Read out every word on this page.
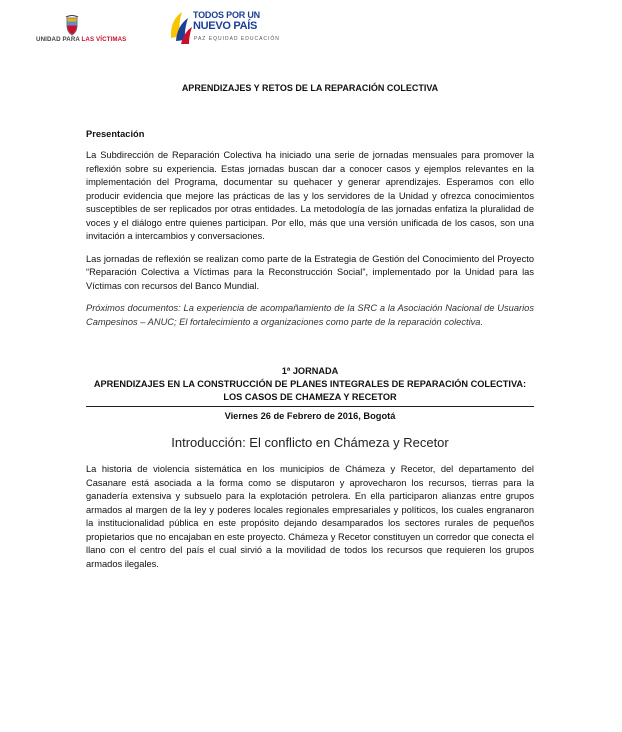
UNIDAD PARA LAS VÍCTIMAS
TODOS POR UN
NUEVO PAÍS
PAZ EQUIDAD EDUCACIÓN

APRENDIZAJES Y RETOS DE LA REPARACIÓN COLECTIVA

Presentación

La Subdirección de Reparación Colectiva ha iniciado una serie de jornadas mensuales para promover la reflexión sobre su experiencia. Estas jornadas buscan dar a conocer casos y ejemplos relevantes en la implementación del Programa, documentar su quehacer y generar aprendizajes. Esperamos con ello producir evidencia que mejore las prácticas de las y los servidores de la Unidad y ofrezca conocimientos susceptibles de ser replicados por otras entidades. La metodología de las jornadas enfatiza la pluralidad de voces y el diálogo entre quienes participan. Por ello, más que una versión unificada de los casos, son una invitación a intercambios y conversaciones.

Las jornadas de reflexión se realizan como parte de la Estrategia de Gestión del Conocimiento del Proyecto “Reparación Colectiva a Víctimas para la Reconstrucción Social”, implementado por la Unidad para las Víctimas con recursos del Banco Mundial.

Próximos documentos: La experiencia de acompañamiento de la SRC a la Asociación Nacional de Usuarios Campesinos – ANUC; El fortalecimiento a organizaciones como parte de la reparación colectiva.

1ª JORNADA
APRENDIZAJES EN LA CONSTRUCCIÓN DE PLANES INTEGRALES DE REPARACIÓN COLECTIVA:
LOS CASOS DE CHAMEZA Y RECETOR
Viernes 26 de Febrero de 2016, Bogotá
Introducción: El conflicto en Chámeza y Recetor

La historia de violencia sistemática en los municipios de Chámeza y Recetor, del departamento del Casanare está asociada a la forma como se disputaron y aprovecharon los recursos, tierras para la ganadería extensiva y subsuelo para la explotación petrolera. En ella participaron alianzas entre grupos armados al margen de la ley y poderes locales regionales empresariales y políticos, los cuales engranaron la institucionalidad pública en este propósito dejando desamparados los sectores rurales de pequeños propietarios que no encajaban en este proyecto. Chámeza y Recetor constituyen un corredor que conecta el llano con el centro del país el cual sirvió a la movilidad de todos los recursos que requieren los grupos armados ilegales.
